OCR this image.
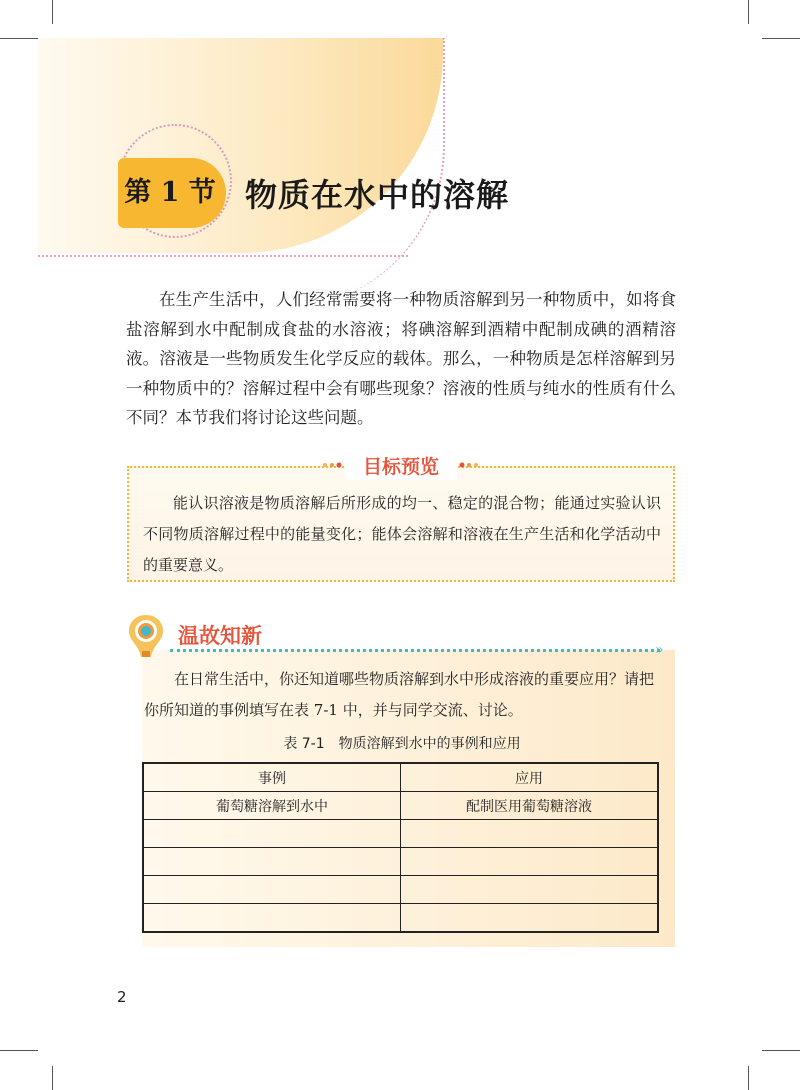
第 1 节 物质在水中的溶解
在生产生活中，人们经常需要将一种物质溶解到另一种物质中，如将食盐溶解到水中配制成食盐的水溶液；将碘溶解到酒精中配制成碘的酒精溶液。溶液是一些物质发生化学反应的载体。那么，一种物质是怎样溶解到另一种物质中的？溶解过程中会有哪些现象？溶液的性质与纯水的性质有什么不同？本节我们将讨论这些问题。
目标预览
能认识溶液是物质溶解后所形成的均一、稳定的混合物；能通过实验认识不同物质溶解过程中的能量变化；能体会溶解和溶液在生产生活和化学活动中的重要意义。
温故知新
»
在日常生活中，你还知道哪些物质溶解到水中形成溶液的重要应用？请把你所知道的事例填写在表 7-1 中，并与同学交流、讨论。
表 7-1　物质溶解到水中的事例和应用
事例	应用
葡萄糖溶解到水中	配制医用葡萄糖溶液

2
